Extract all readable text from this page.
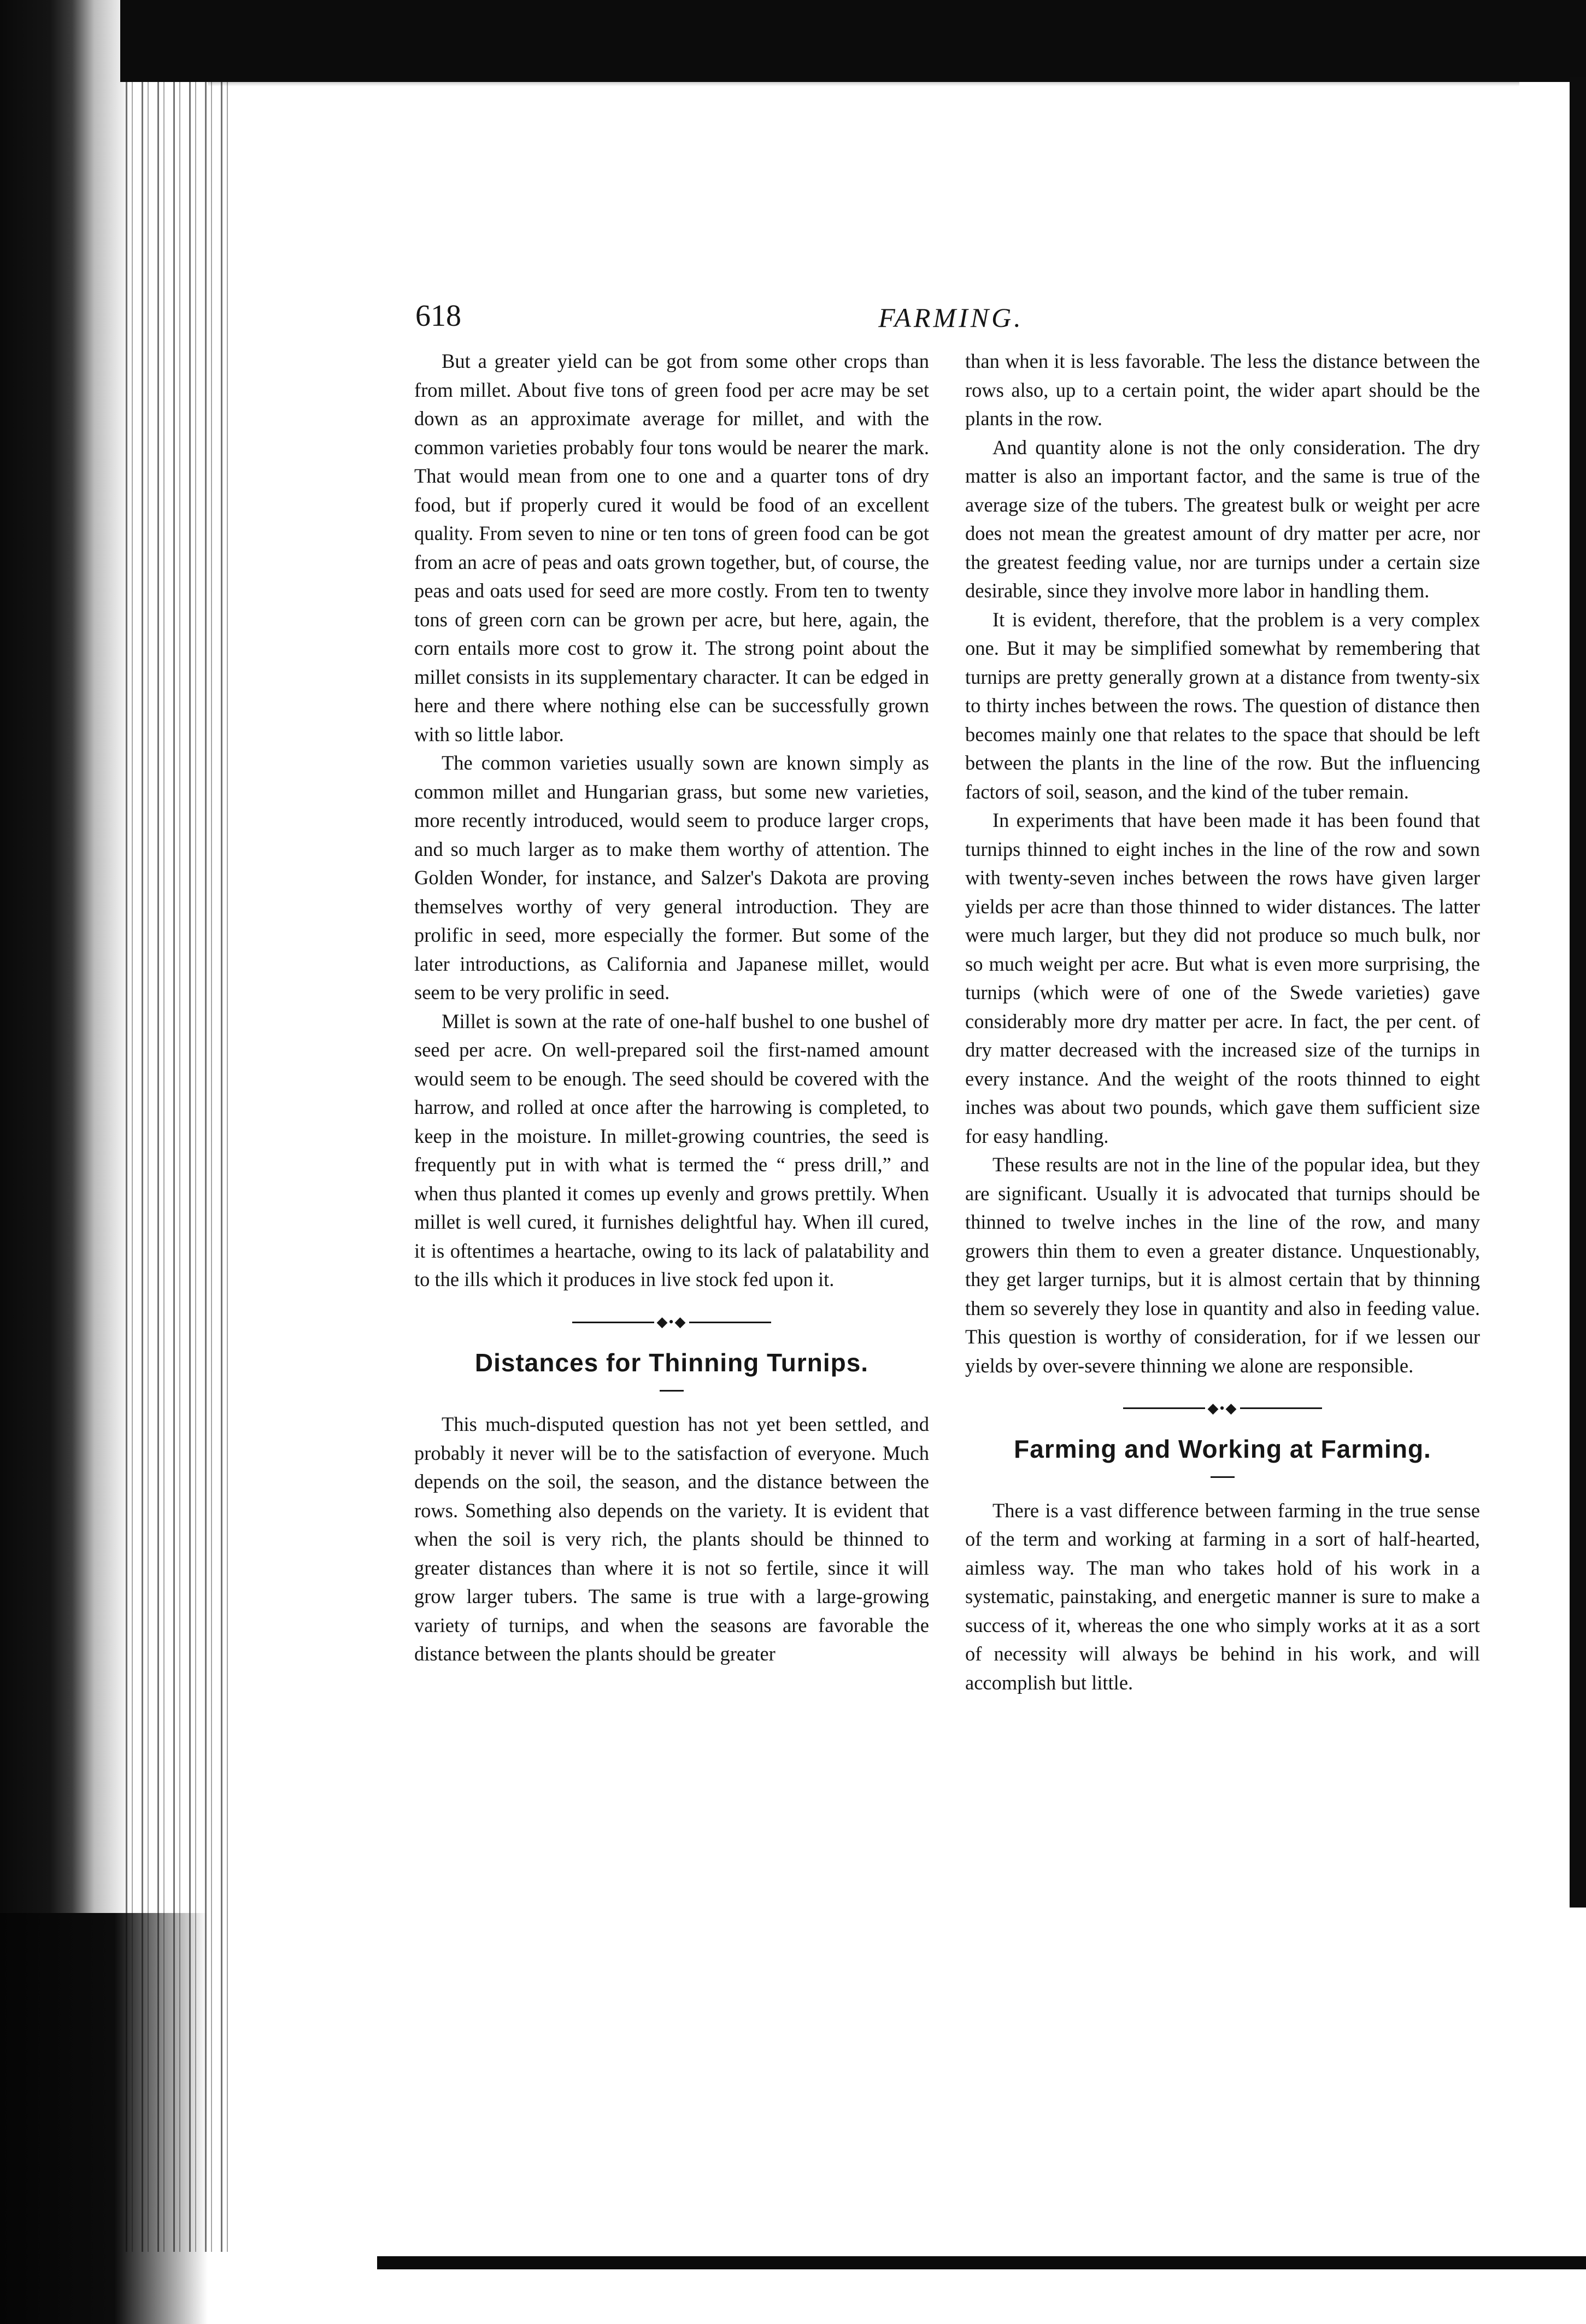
618	FARMING.

But a greater yield can be got from some other crops than from millet. About five tons of green food per acre may be set down as an approximate average for millet, and with the common varieties probably four tons would be nearer the mark. That would mean from one to one and a quarter tons of dry food, but if properly cured it would be food of an excellent quality. From seven to nine or ten tons of green food can be got from an acre of peas and oats grown together, but, of course, the peas and oats used for seed are more costly. From ten to twenty tons of green corn can be grown per acre, but here, again, the corn entails more cost to grow it. The strong point about the millet consists in its supplementary character. It can be edged in here and there where nothing else can be successfully grown with so little labor.

The common varieties usually sown are known simply as common millet and Hungarian grass, but some new varieties, more recently introduced, would seem to produce larger crops, and so much larger as to make them worthy of attention. The Golden Wonder, for instance, and Salzer's Dakota are proving themselves worthy of very general introduction. They are prolific in seed, more especially the former. But some of the later introductions, as California and Japanese millet, would seem to be very prolific in seed.

Millet is sown at the rate of one-half bushel to one bushel of seed per acre. On well-prepared soil the first-named amount would seem to be enough. The seed should be covered with the harrow, and rolled at once after the harrowing is completed, to keep in the moisture. In millet-growing countries, the seed is frequently put in with what is termed the “ press drill,” and when thus planted it comes up evenly and grows prettily. When millet is well cured, it furnishes delightful hay. When ill cured, it is oftentimes a heartache, owing to its lack of palatability and to the ills which it produces in live stock fed upon it.

◆•◆
Distances for Thinning Turnips.

This much-disputed question has not yet been settled, and probably it never will be to the satisfaction of everyone. Much depends on the soil, the season, and the distance between the rows. Something also depends on the variety. It is evident that when the soil is very rich, the plants should be thinned to greater distances than where it is not so fertile, since it will grow larger tubers. The same is true with a large-growing variety of turnips, and when the seasons are favorable the distance between the plants should be greater

than when it is less favorable. The less the distance between the rows also, up to a certain point, the wider apart should be the plants in the row.

And quantity alone is not the only consideration. The dry matter is also an important factor, and the same is true of the average size of the tubers. The greatest bulk or weight per acre does not mean the greatest amount of dry matter per acre, nor the greatest feeding value, nor are turnips under a certain size desirable, since they involve more labor in handling them.

It is evident, therefore, that the problem is a very complex one. But it may be simplified somewhat by remembering that turnips are pretty generally grown at a distance from twenty-six to thirty inches between the rows. The question of distance then becomes mainly one that relates to the space that should be left between the plants in the line of the row. But the influencing factors of soil, season, and the kind of the tuber remain.

In experiments that have been made it has been found that turnips thinned to eight inches in the line of the row and sown with twenty-seven inches between the rows have given larger yields per acre than those thinned to wider distances. The latter were much larger, but they did not produce so much bulk, nor so much weight per acre. But what is even more surprising, the turnips (which were of one of the Swede varieties) gave considerably more dry matter per acre. In fact, the per cent. of dry matter decreased with the increased size of the turnips in every instance. And the weight of the roots thinned to eight inches was about two pounds, which gave them sufficient size for easy handling.

These results are not in the line of the popular idea, but they are significant. Usually it is advocated that turnips should be thinned to twelve inches in the line of the row, and many growers thin them to even a greater distance. Unquestionably, they get larger turnips, but it is almost certain that by thinning them so severely they lose in quantity and also in feeding value. This question is worthy of consideration, for if we lessen our yields by over-severe thinning we alone are responsible.

◆•◆
Farming and Working at Farming.

There is a vast difference between farming in the true sense of the term and working at farming in a sort of half-hearted, aimless way. The man who takes hold of his work in a systematic, painstaking, and energetic manner is sure to make a success of it, whereas the one who simply works at it as a sort of necessity will always be behind in his work, and will accomplish but little.
